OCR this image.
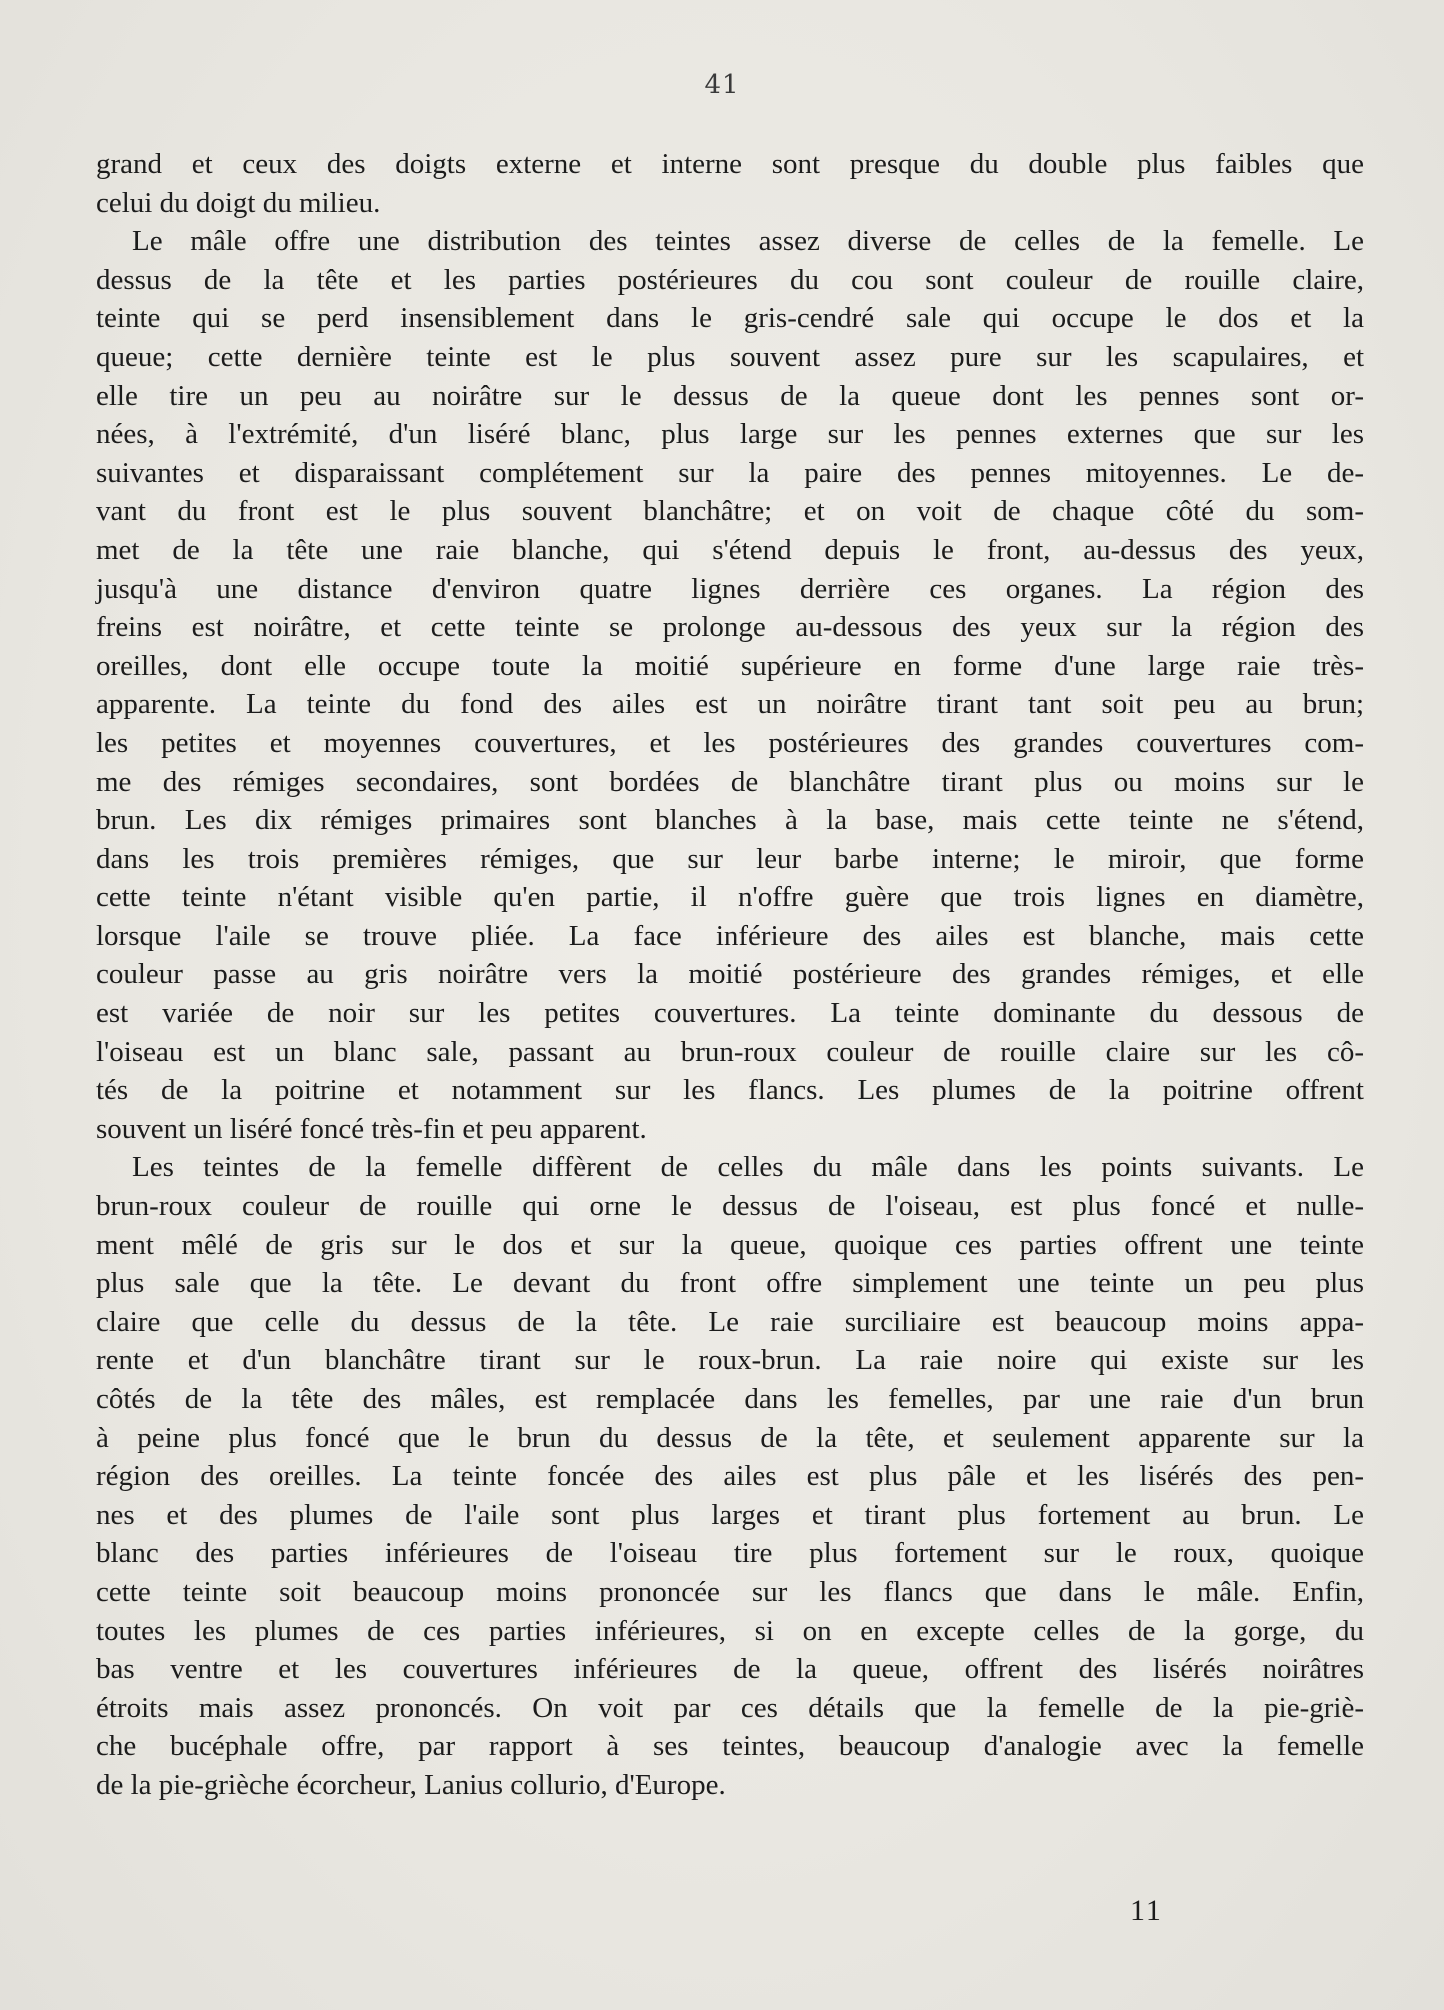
41
grand et ceux des doigts externe et interne sont presque du double plus faibles que
celui du doigt du milieu.
Le mâle offre une distribution des teintes assez diverse de celles de la femelle. Le
dessus de la tête et les parties postérieures du cou sont couleur de rouille claire,
teinte qui se perd insensiblement dans le gris-cendré sale qui occupe le dos et la
queue; cette dernière teinte est le plus souvent assez pure sur les scapulaires, et
elle tire un peu au noirâtre sur le dessus de la queue dont les pennes sont or-
nées, à l'extrémité, d'un liséré blanc, plus large sur les pennes externes que sur les
suivantes et disparaissant complétement sur la paire des pennes mitoyennes. Le de-
vant du front est le plus souvent blanchâtre; et on voit de chaque côté du som-
met de la tête une raie blanche, qui s'étend depuis le front, au-dessus des yeux,
jusqu'à une distance d'environ quatre lignes derrière ces organes. La région des
freins est noirâtre, et cette teinte se prolonge au-dessous des yeux sur la région des
oreilles, dont elle occupe toute la moitié supérieure en forme d'une large raie très-
apparente. La teinte du fond des ailes est un noirâtre tirant tant soit peu au brun;
les petites et moyennes couvertures, et les postérieures des grandes couvertures com-
me des rémiges secondaires, sont bordées de blanchâtre tirant plus ou moins sur le
brun. Les dix rémiges primaires sont blanches à la base, mais cette teinte ne s'étend,
dans les trois premières rémiges, que sur leur barbe interne; le miroir, que forme
cette teinte n'étant visible qu'en partie, il n'offre guère que trois lignes en diamètre,
lorsque l'aile se trouve pliée. La face inférieure des ailes est blanche, mais cette
couleur passe au gris noirâtre vers la moitié postérieure des grandes rémiges, et elle
est variée de noir sur les petites couvertures. La teinte dominante du dessous de
l'oiseau est un blanc sale, passant au brun-roux couleur de rouille claire sur les cô-
tés de la poitrine et notamment sur les flancs. Les plumes de la poitrine offrent
souvent un liséré foncé très-fin et peu apparent.
Les teintes de la femelle diffèrent de celles du mâle dans les points suivants. Le
brun-roux couleur de rouille qui orne le dessus de l'oiseau, est plus foncé et nulle-
ment mêlé de gris sur le dos et sur la queue, quoique ces parties offrent une teinte
plus sale que la tête. Le devant du front offre simplement une teinte un peu plus
claire que celle du dessus de la tête. Le raie surciliaire est beaucoup moins appa-
rente et d'un blanchâtre tirant sur le roux-brun. La raie noire qui existe sur les
côtés de la tête des mâles, est remplacée dans les femelles, par une raie d'un brun
à peine plus foncé que le brun du dessus de la tête, et seulement apparente sur la
région des oreilles. La teinte foncée des ailes est plus pâle et les lisérés des pen-
nes et des plumes de l'aile sont plus larges et tirant plus fortement au brun. Le
blanc des parties inférieures de l'oiseau tire plus fortement sur le roux, quoique
cette teinte soit beaucoup moins prononcée sur les flancs que dans le mâle. Enfin,
toutes les plumes de ces parties inférieures, si on en excepte celles de la gorge, du
bas ventre et les couvertures inférieures de la queue, offrent des lisérés noirâtres
étroits mais assez prononcés. On voit par ces détails que la femelle de la pie-griè-
che bucéphale offre, par rapport à ses teintes, beaucoup d'analogie avec la femelle
de la pie-grièche écorcheur, Lanius collurio, d'Europe.
11
